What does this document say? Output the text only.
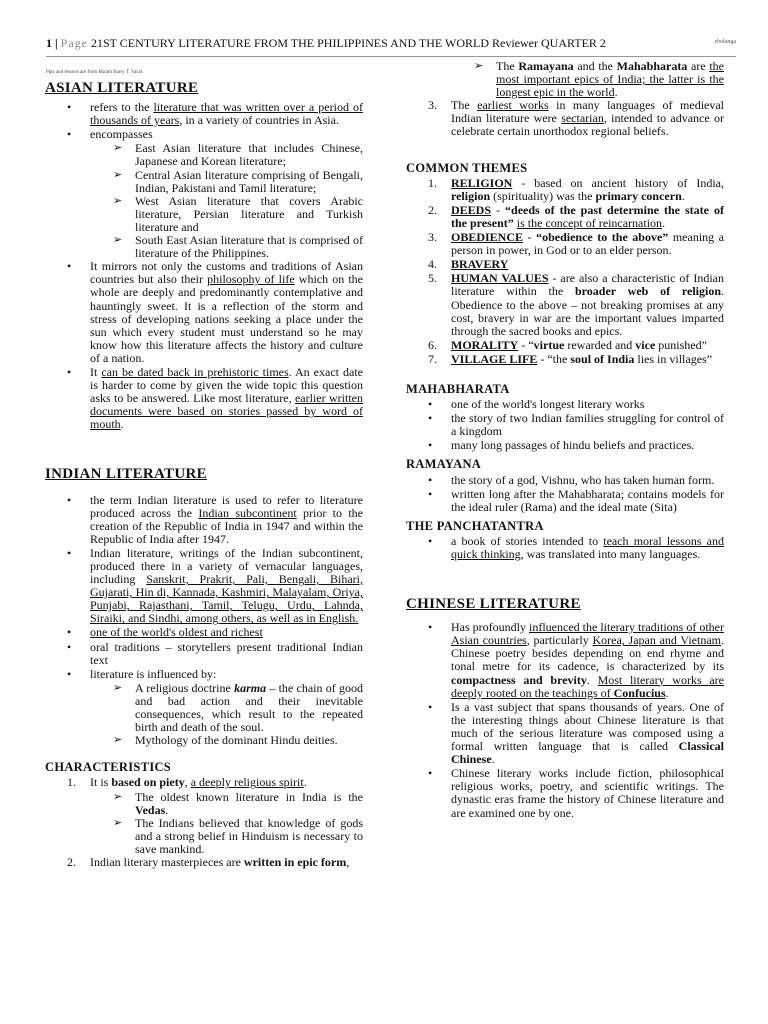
1 | Page 21ST CENTURY LITERATURE FROM THE PHILIPPINES AND THE WORLD Reviewer QUARTER 2	rbolanga
Ppts and lessons are from Ma'am Barry T. Vacal.
ASIAN LITERATURE
• refers to the literature that was written over a period of thousands of years, in a variety of countries in Asia.
• encompasses
➢ East Asian literature that includes Chinese, Japanese and Korean literature;
➢ Central Asian literature comprising of Bengali, Indian, Pakistani and Tamil literature;
➢ West Asian literature that covers Arabic literature, Persian literature and Turkish literature and
➢ South East Asian literature that is comprised of literature of the Philippines.
• It mirrors not only the customs and traditions of Asian countries but also their philosophy of life which on the whole are deeply and predominantly contemplative and hauntingly sweet. It is a reflection of the storm and stress of developing nations seeking a place under the sun which every student must understand so he may know how this literature affects the history and culture of a nation.
• It can be dated back in prehistoric times. An exact date is harder to come by given the wide topic this question asks to be answered. Like most literature, earlier written documents were based on stories passed by word of mouth.
INDIAN LITERATURE
• the term Indian literature is used to refer to literature produced across the Indian subcontinent prior to the creation of the Republic of India in 1947 and within the Republic of India after 1947.
• Indian literature, writings of the Indian subcontinent, produced there in a variety of vernacular languages, including Sanskrit, Prakrit, Pali, Bengali, Bihari, Gujarati, Hin di, Kannada, Kashmiri, Malayalam, Oriya, Punjabi, Rajasthani, Tamil, Telugu, Urdu, Lahnda, Siraiki, and Sindhi, among others, as well as in English.
• one of the world's oldest and richest
• oral traditions – storytellers present traditional Indian text
• literature is influenced by:
➢ A religious doctrine karma – the chain of good and bad action and their inevitable consequences, which result to the repeated birth and death of the soul.
➢ Mythology of the dominant Hindu deities.
CHARACTERISTICS
1. It is based on piety, a deeply religious spirit.
➢ The oldest known literature in India is the Vedas.
➢ The Indians believed that knowledge of gods and a strong belief in Hinduism is necessary to save mankind.
2. Indian literary masterpieces are written in epic form,
➢ The Ramayana and the Mahabharata are the most important epics of India; the latter is the longest epic in the world.
3. The earliest works in many languages of medieval Indian literature were sectarian, intended to advance or celebrate certain unorthodox regional beliefs.
COMMON THEMES
1. RELIGION - based on ancient history of India, religion (spirituality) was the primary concern.
2. DEEDS - “deeds of the past determine the state of the present” is the concept of reincarnation.
3. OBEDIENCE - “obedience to the above” meaning a person in power, in God or to an elder person.
4. BRAVERY
5. HUMAN VALUES - are also a characteristic of Indian literature within the broader web of religion. Obedience to the above – not breaking promises at any cost, bravery in war are the important values imparted through the sacred books and epics.
6. MORALITY - “virtue rewarded and vice punished”
7. VILLAGE LIFE - “the soul of India lies in villages”
MAHABHARATA
• one of the world's longest literary works
• the story of two Indian families struggling for control of a kingdom
• many long passages of hindu beliefs and practices.
RAMAYANA
• the story of a god, Vishnu, who has taken human form.
• written long after the Mahabharata; contains models for the ideal ruler (Rama) and the ideal mate (Sita)
THE PANCHATANTRA
• a book of stories intended to teach moral lessons and quick thinking, was translated into many languages.
CHINESE LITERATURE
• Has profoundly influenced the literary traditions of other Asian countries, particularly Korea, Japan and Vietnam. Chinese poetry besides depending on end rhyme and tonal metre for its cadence, is characterized by its compactness and brevity. Most literary works are deeply rooted on the teachings of Confucius.
• Is a vast subject that spans thousands of years. One of the interesting things about Chinese literature is that much of the serious literature was composed using a formal written language that is called Classical Chinese.
• Chinese literary works include fiction, philosophical religious works, poetry, and scientific writings. The dynastic eras frame the history of Chinese literature and are examined one by one.
